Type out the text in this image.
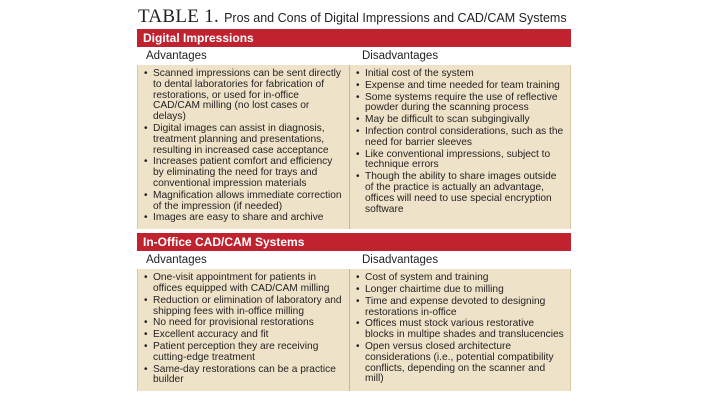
TABLE 1. Pros and Cons of Digital Impressions and CAD/CAM Systems
Digital Impressions
Advantages	Disadvantages
• Scanned impressions can be sent directly to dental laboratories for fabrication of restorations, or used for in-office CAD/CAM milling (no lost cases or delays)
• Digital images can assist in diagnosis, treatment planning and presentations, resulting in increased case acceptance
• Increases patient comfort and efficiency by eliminating the need for trays and conventional impression materials
• Magnification allows immediate correction of the impression (if needed)
• Images are easy to share and archive
• Initial cost of the system
• Expense and time needed for team training
• Some systems require the use of reflective powder during the scanning process
• May be difficult to scan subgingivally
• Infection control considerations, such as the need for barrier sleeves
• Like conventional impressions, subject to technique errors
• Though the ability to share images outside of the practice is actually an advantage, offices will need to use special encryption software
In-Office CAD/CAM Systems
Advantages	Disadvantages
• One-visit appointment for patients in offices equipped with CAD/CAM milling
• Reduction or elimination of laboratory and shipping fees with in-office milling
• No need for provisional restorations
• Excellent accuracy and fit
• Patient perception they are receiving cutting-edge treatment
• Same-day restorations can be a practice builder
• Cost of system and training
• Longer chairtime due to milling
• Time and expense devoted to designing restorations in-office
• Offices must stock various restorative blocks in multipe shades and translucencies
• Open versus closed architecture considerations (i.e., potential compatibility conflicts, depending on the scanner and mill)
